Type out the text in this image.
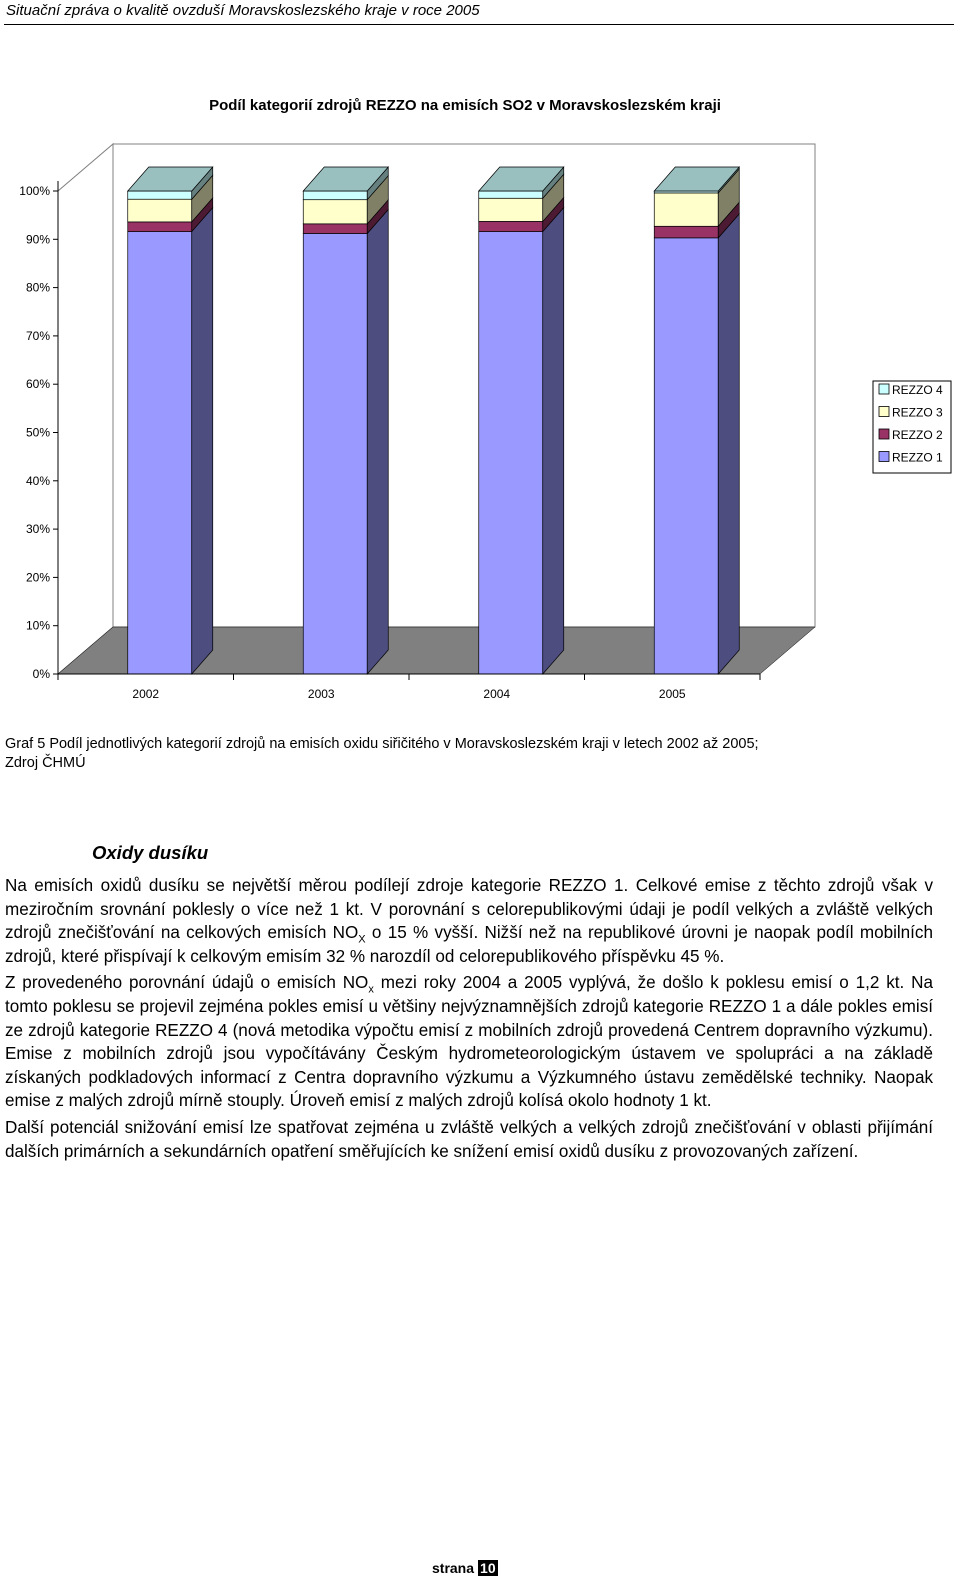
Situační zpráva o kvalitě ovzduší Moravskoslezského kraje v roce 2005
Podíl kategorií zdrojů REZZO na emisích SO2 v Moravskoslezském kraji
0%
10%
20%
30%
40%
50%
60%
70%
80%
90%
100%
2002	2003	2004	2005
REZZO 4
REZZO 3
REZZO 2
REZZO 1
Graf 5 Podíl jednotlivých kategorií zdrojů na emisích oxidu siřičitého v Moravskoslezském kraji v letech 2002 až 2005;
Zdroj ČHMÚ
Oxidy dusíku

Na emisích oxidů dusíku se největší měrou podílejí zdroje kategorie REZZO 1. Celkové emise z těchto zdrojů však v meziročním srovnání poklesly o více než 1 kt. V porovnání s celorepublikovými údaji je podíl velkých a zvláště velkých zdrojů znečišťování na celkových emisích $NO_X$ o 15 % vyšší. Nižší než na republikové úrovni je naopak podíl mobilních zdrojů, které přispívají k celkovým emisím 32 % narozdíl od celorepublikového příspěvku 45 %.

Z provedeného porovnání údajů o emisích $NO_x$ mezi roky 2004 a 2005 vyplývá, že došlo k poklesu emisí o 1,2 kt. Na tomto poklesu se projevil zejména pokles emisí u většiny nejvýznamnějších zdrojů kategorie REZZO 1 a dále pokles emisí ze zdrojů kategorie REZZO 4 (nová metodika výpočtu emisí z mobilních zdrojů provedená Centrem dopravního výzkumu). Emise z mobilních zdrojů jsou vypočítávány Českým hydrometeorologickým ústavem ve spolupráci a na základě získaných podkladových informací z Centra dopravního výzkumu a Výzkumného ústavu zemědělské techniky. Naopak emise z malých zdrojů mírně stouply. Úroveň emisí z malých zdrojů kolísá okolo hodnoty 1 kt.

Další potenciál snižování emisí lze spatřovat zejména u zvláště velkých a velkých zdrojů znečišťování v oblasti přijímání dalších primárních a sekundárních opatření směřujících ke snížení emisí oxidů dusíku z provozovaných zařízení.

strana 10
